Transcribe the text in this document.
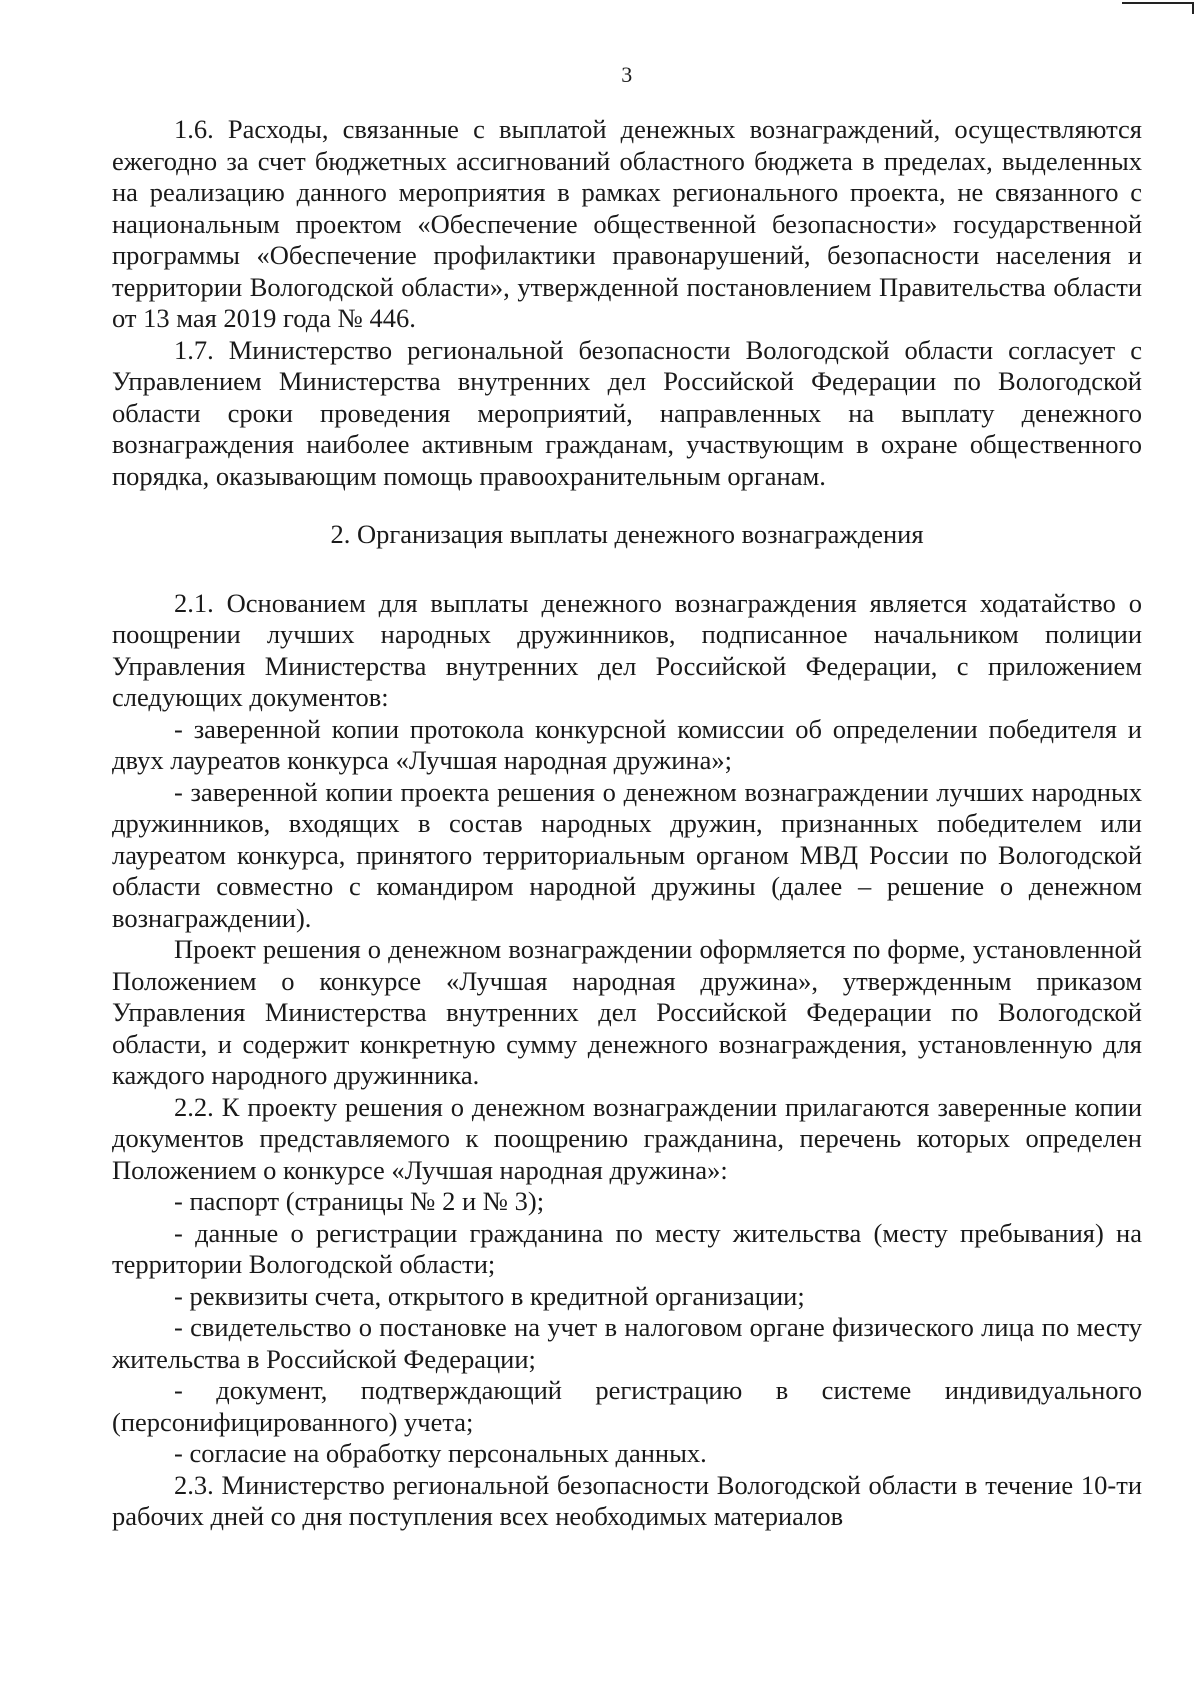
3

1.6. Расходы, связанные с выплатой денежных вознаграждений, осуществляются ежегодно за счет бюджетных ассигнований областного бюджета в пределах, выделенных на реализацию данного мероприятия в рамках регионального проекта, не связанного с национальным проектом «Обеспечение общественной безопасности» государственной программы «Обеспечение профилактики правонарушений, безопасности населения и территории Вологодской области», утвержденной постановлением Правительства области от 13 мая 2019 года № 446.

1.7. Министерство региональной безопасности Вологодской области согласует с Управлением Министерства внутренних дел Российской Федерации по Вологодской области сроки проведения мероприятий, направленных на выплату денежного вознаграждения наиболее активным гражданам, участвующим в охране общественного порядка, оказывающим помощь правоохранительным органам.

2. Организация выплаты денежного вознаграждения

2.1. Основанием для выплаты денежного вознаграждения является ходатайство о поощрении лучших народных дружинников, подписанное начальником полиции Управления Министерства внутренних дел Российской Федерации, с приложением следующих документов:

- заверенной копии протокола конкурсной комиссии об определении победителя и двух лауреатов конкурса «Лучшая народная дружина»;

- заверенной копии проекта решения о денежном вознаграждении лучших народных дружинников, входящих в состав народных дружин, признанных победителем или лауреатом конкурса, принятого территориальным органом МВД России по Вологодской области совместно с командиром народной дружины (далее – решение о денежном вознаграждении).

Проект решения о денежном вознаграждении оформляется по форме, установленной Положением о конкурсе «Лучшая народная дружина», утвержденным приказом Управления Министерства внутренних дел Российской Федерации по Вологодской области, и содержит конкретную сумму денежного вознаграждения, установленную для каждого народного дружинника.

2.2. К проекту решения о денежном вознаграждении прилагаются заверенные копии документов представляемого к поощрению гражданина, перечень которых определен Положением о конкурсе «Лучшая народная дружина»:

- паспорт (страницы № 2 и № 3);

- данные о регистрации гражданина по месту жительства (месту пребывания) на территории Вологодской области;

- реквизиты счета, открытого в кредитной организации;

- свидетельство о постановке на учет в налоговом органе физического лица по месту жительства в Российской Федерации;

- документ, подтверждающий регистрацию в системе индивидуального (персонифицированного) учета;

- согласие на обработку персональных данных.

2.3. Министерство региональной безопасности Вологодской области в течение 10-ти рабочих дней со дня поступления всех необходимых материалов
